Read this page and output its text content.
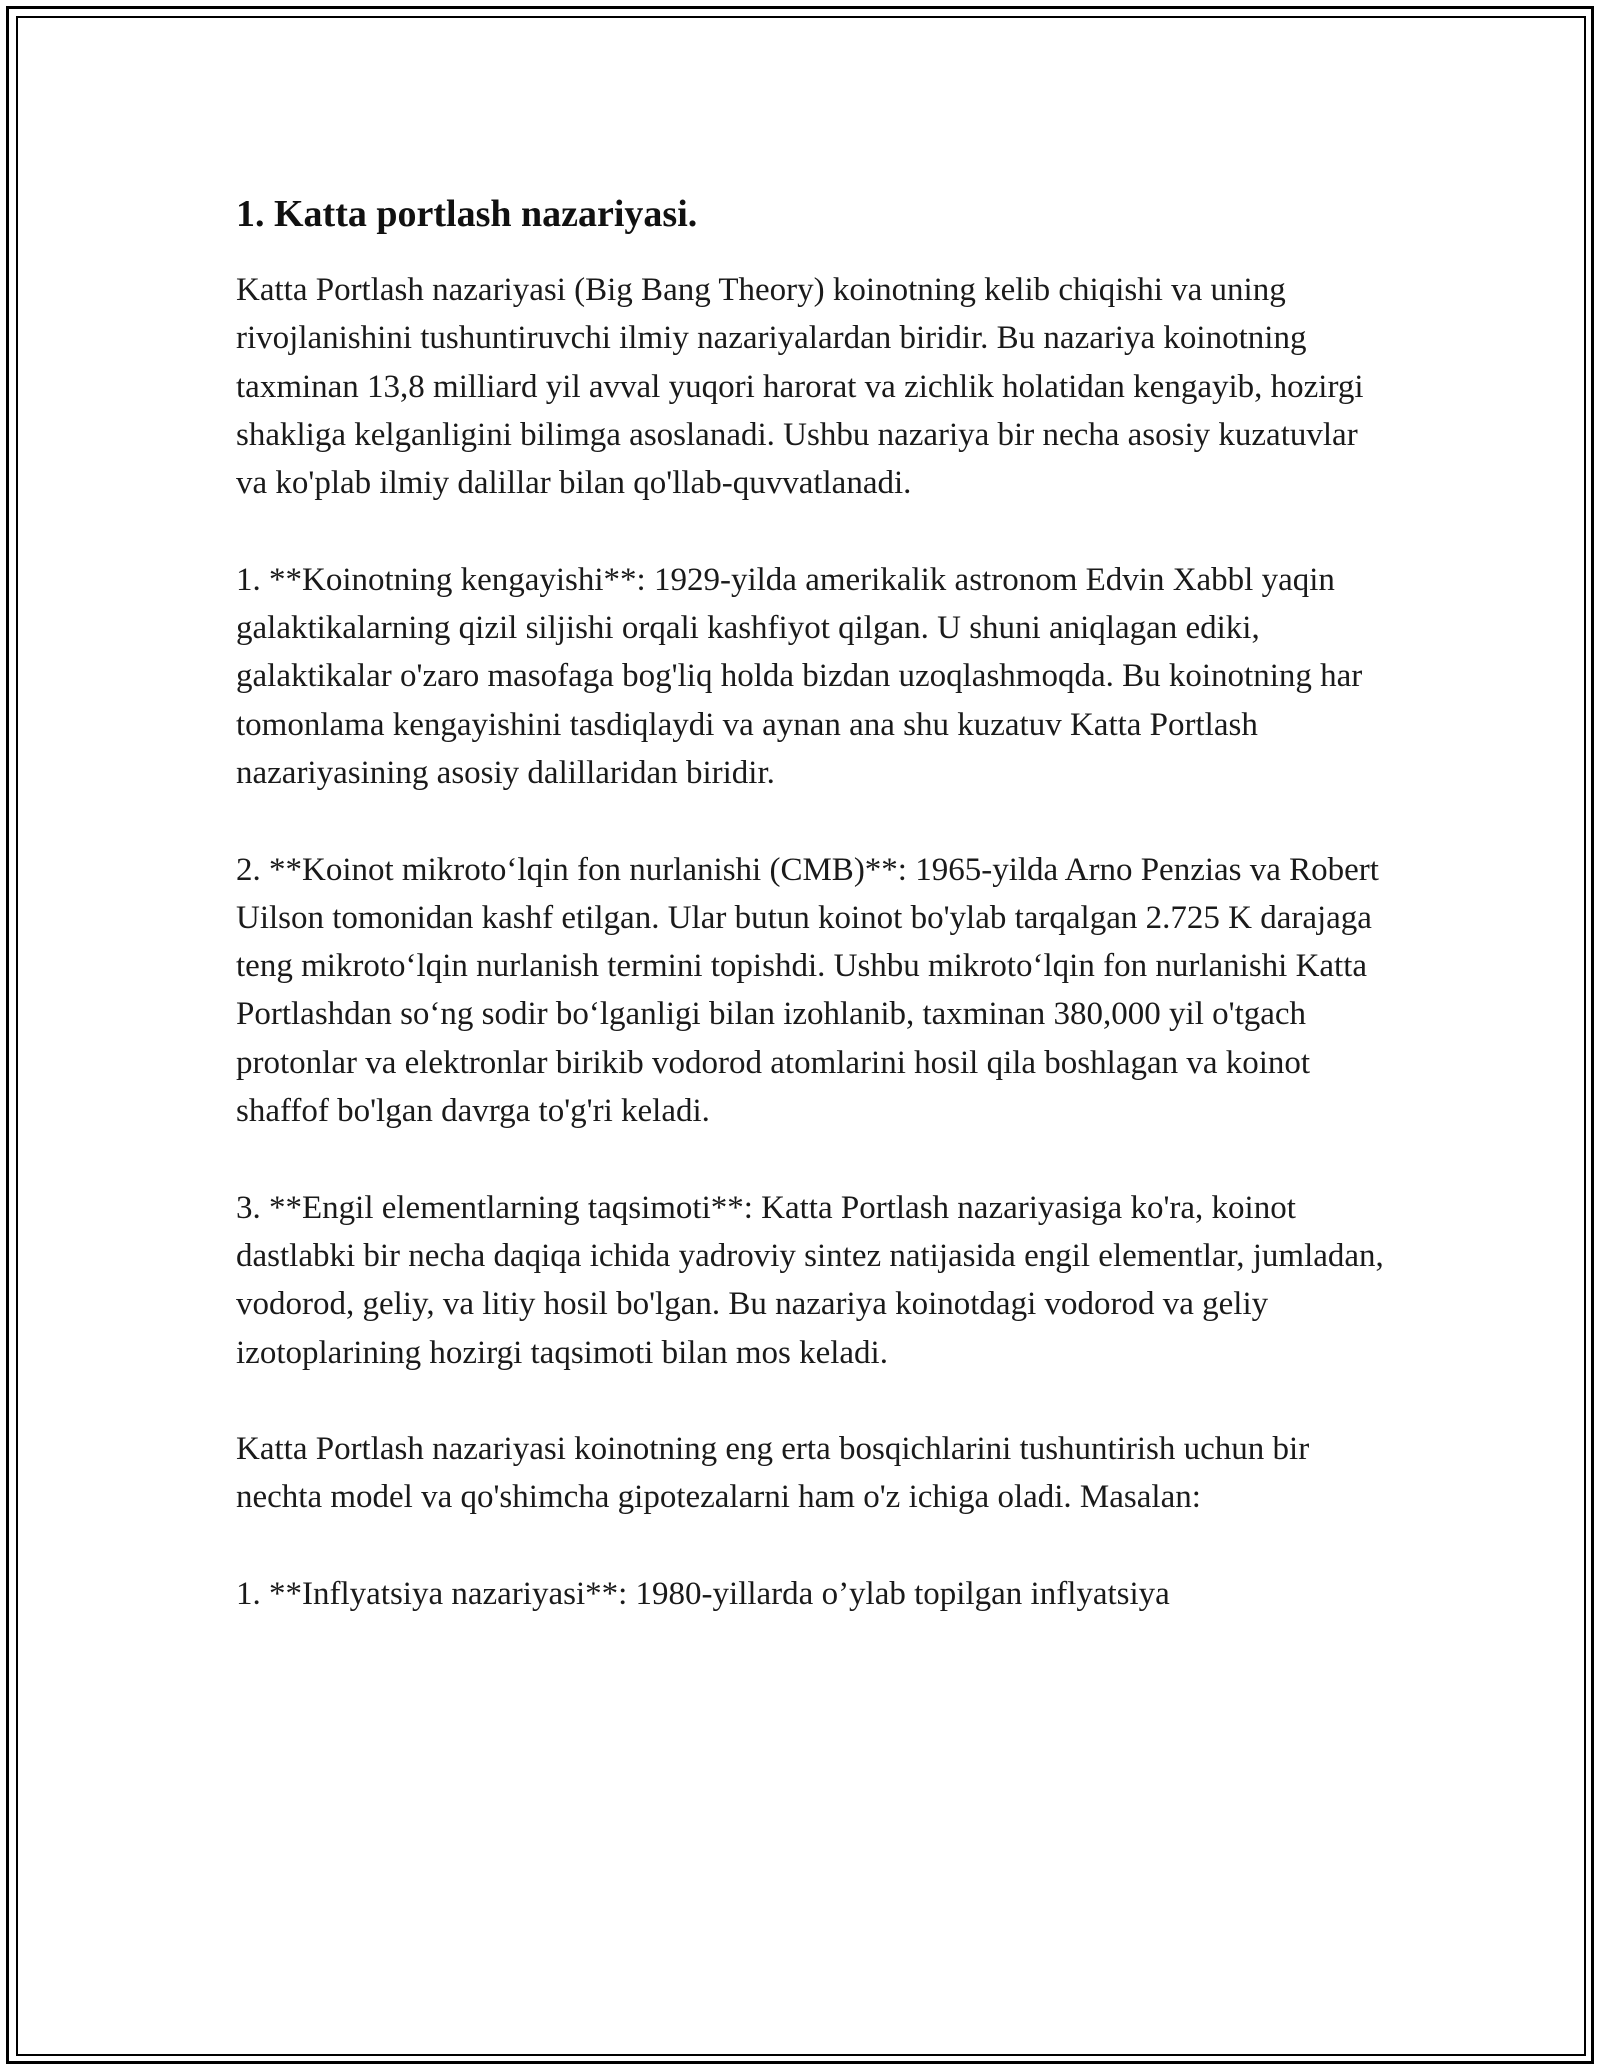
1. Katta portlash nazariyasi.

Katta Portlash nazariyasi (Big Bang Theory) koinotning kelib chiqishi va uning rivojlanishini tushuntiruvchi ilmiy nazariyalardan biridir. Bu nazariya koinotning taxminan 13,8 milliard yil avval yuqori harorat va zichlik holatidan kengayib, hozirgi shakliga kelganligini bilimga asoslanadi. Ushbu nazariya bir necha asosiy kuzatuvlar va ko'plab ilmiy dalillar bilan qo'llab-quvvatlanadi.

1. **Koinotning kengayishi**: 1929-yilda amerikalik astronom Edvin Xabbl yaqin galaktikalarning qizil siljishi orqali kashfiyot qilgan. U shuni aniqlagan ediki, galaktikalar o'zaro masofaga bog'liq holda bizdan uzoqlashmoqda. Bu koinotning har tomonlama kengayishini tasdiqlaydi va aynan ana shu kuzatuv Katta Portlash nazariyasining asosiy dalillaridan biridir.

2. **Koinot mikroto‘lqin fon nurlanishi (CMB)**: 1965-yilda Arno Penzias va Robert Uilson tomonidan kashf etilgan. Ular butun koinot bo'ylab tarqalgan 2.725 K darajaga teng mikroto‘lqin nurlanish termini topishdi. Ushbu mikroto‘lqin fon nurlanishi Katta Portlashdan so‘ng sodir bo‘lganligi bilan izohlanib, taxminan 380,000 yil o'tgach protonlar va elektronlar birikib vodorod atomlarini hosil qila boshlagan va koinot shaffof bo'lgan davrga to'g'ri keladi.

3. **Engil elementlarning taqsimoti**: Katta Portlash nazariyasiga ko'ra, koinot dastlabki bir necha daqiqa ichida yadroviy sintez natijasida engil elementlar, jumladan, vodorod, geliy, va litiy hosil bo'lgan. Bu nazariya koinotdagi vodorod va geliy izotoplarining hozirgi taqsimoti bilan mos keladi.

Katta Portlash nazariyasi koinotning eng erta bosqichlarini tushuntirish uchun bir nechta model va qo'shimcha gipotezalarni ham o'z ichiga oladi. Masalan:

1. **Inflyatsiya nazariyasi**: 1980-yillarda o’ylab topilgan inflyatsiya
